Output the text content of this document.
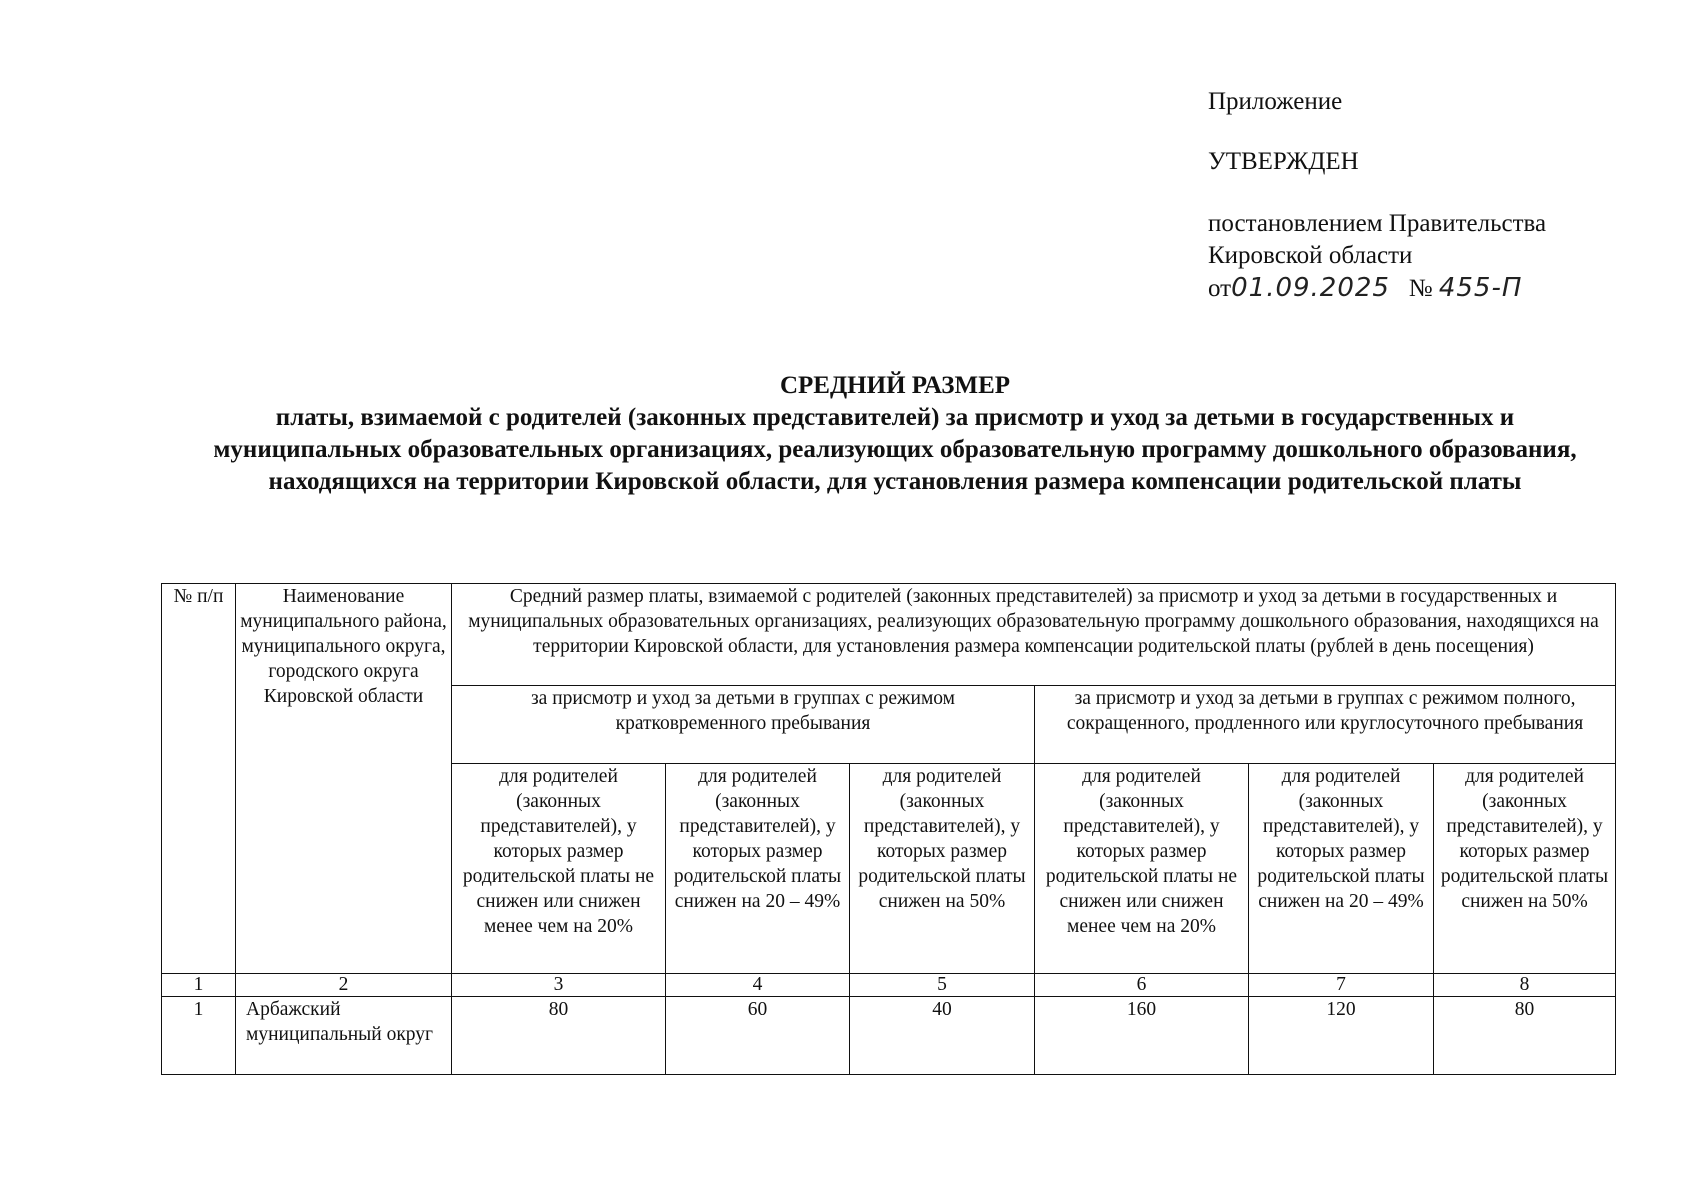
Приложение
УТВЕРЖДЕН
постановлением Правительства
Кировской области
от01.09.2025 № 455-П
СРЕДНИЙ РАЗМЕР
платы, взимаемой с родителей (законных представителей) за присмотр и уход за детьми в государственных и муниципальных образовательных организациях, реализующих образовательную программу дошкольного образования, находящихся на территории Кировской области, для установления размера компенсации родительской платы
№ п/п	Наименование муниципального района, муниципального округа, городского округа Кировской области	Средний размер платы, взимаемой с родителей (законных представителей) за присмотр и уход за детьми в государственных и муниципальных образовательных организациях, реализующих образовательную программу дошкольного образования, находящихся на территории Кировской области, для установления размера компенсации родительской платы (рублей в день посещения)					
		за присмотр и уход за детьми в группах с режимом кратковременного пребывания			за присмотр и уход за детьми в группах с режимом полного, сокращенного, продленного или круглосуточного пребывания		
		для родителей (законных представителей), у которых размер родительской платы не снижен или снижен менее чем на 20%	для родителей (законных представителей), у которых размер родительской платы снижен на 20 – 49%	для родителей (законных представителей), у которых размер родительской платы снижен на 50%	для родителей (законных представителей), у которых размер родительской платы не снижен или снижен менее чем на 20%	для родителей (законных представителей), у которых размер родительской платы снижен на 20 – 49%	для родителей (законных представителей), у которых размер родительской платы снижен на 50%
1	2	3	4	5	6	7	8
1	Арбажский муниципальный округ	80	60	40	160	120	80
